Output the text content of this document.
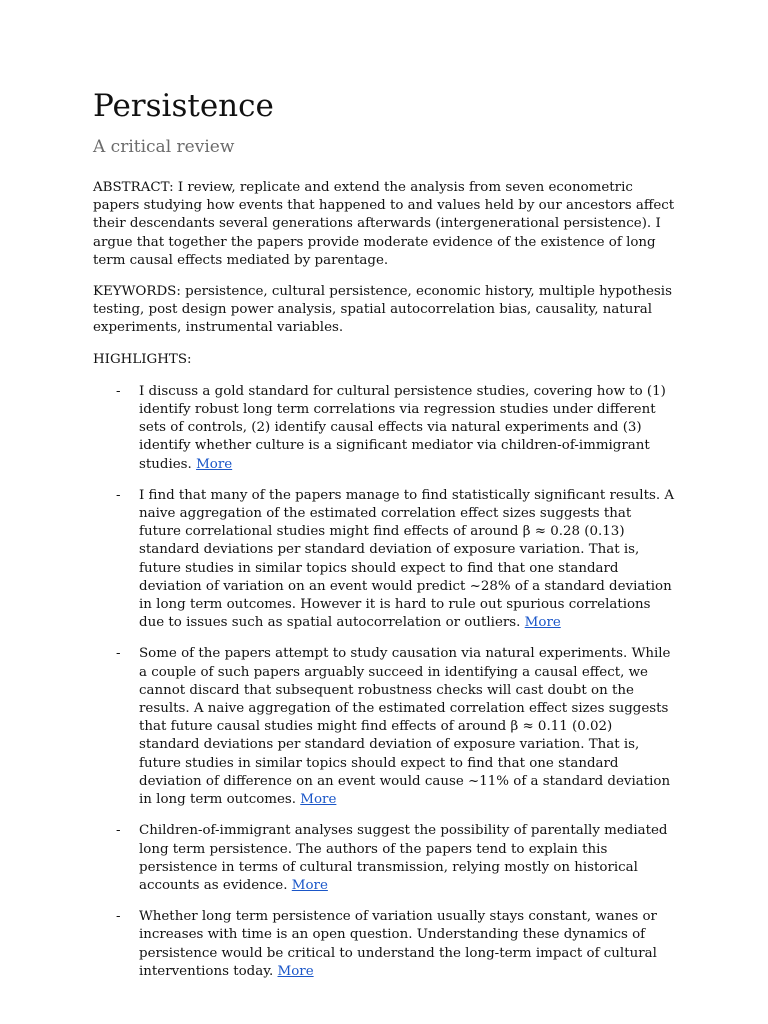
Persistence
A critical review

ABSTRACT: I review, replicate and extend the analysis from seven econometric papers studying how events that happened to and values held by our ancestors affect their descendants several generations afterwards (intergenerational persistence). I argue that together the papers provide moderate evidence of the existence of long term causal effects mediated by parentage.

KEYWORDS: persistence, cultural persistence, economic history, multiple hypothesis testing, post design power analysis, spatial autocorrelation bias, causality, natural experiments, instrumental variables.

HIGHLIGHTS:

- I discuss a gold standard for cultural persistence studies, covering how to (1) identify robust long term correlations via regression studies under different sets of controls, (2) identify causal effects via natural experiments and (3) identify whether culture is a significant mediator via children-of-immigrant studies. More
- I find that many of the papers manage to find statistically significant results. A naive aggregation of the estimated correlation effect sizes suggests that future correlational studies might find effects of around β ≈ 0.28 (0.13) standard deviations per standard deviation of exposure variation. That is, future studies in similar topics should expect to find that one standard deviation of variation on an event would predict ~28% of a standard deviation in long term outcomes. However it is hard to rule out spurious correlations due to issues such as spatial autocorrelation or outliers. More
- Some of the papers attempt to study causation via natural experiments. While a couple of such papers arguably succeed in identifying a causal effect, we cannot discard that subsequent robustness checks will cast doubt on the results. A naive aggregation of the estimated correlation effect sizes suggests that future causal studies might find effects of around β ≈ 0.11 (0.02) standard deviations per standard deviation of exposure variation. That is, future studies in similar topics should expect to find that one standard deviation of difference on an event would cause ~11% of a standard deviation in long term outcomes. More
- Children-of-immigrant analyses suggest the possibility of parentally mediated long term persistence. The authors of the papers tend to explain this persistence in terms of cultural transmission, relying mostly on historical accounts as evidence. More
- Whether long term persistence of variation usually stays constant, wanes or increases with time is an open question. Understanding these dynamics of persistence would be critical to understand the long-term impact of cultural interventions today. More
